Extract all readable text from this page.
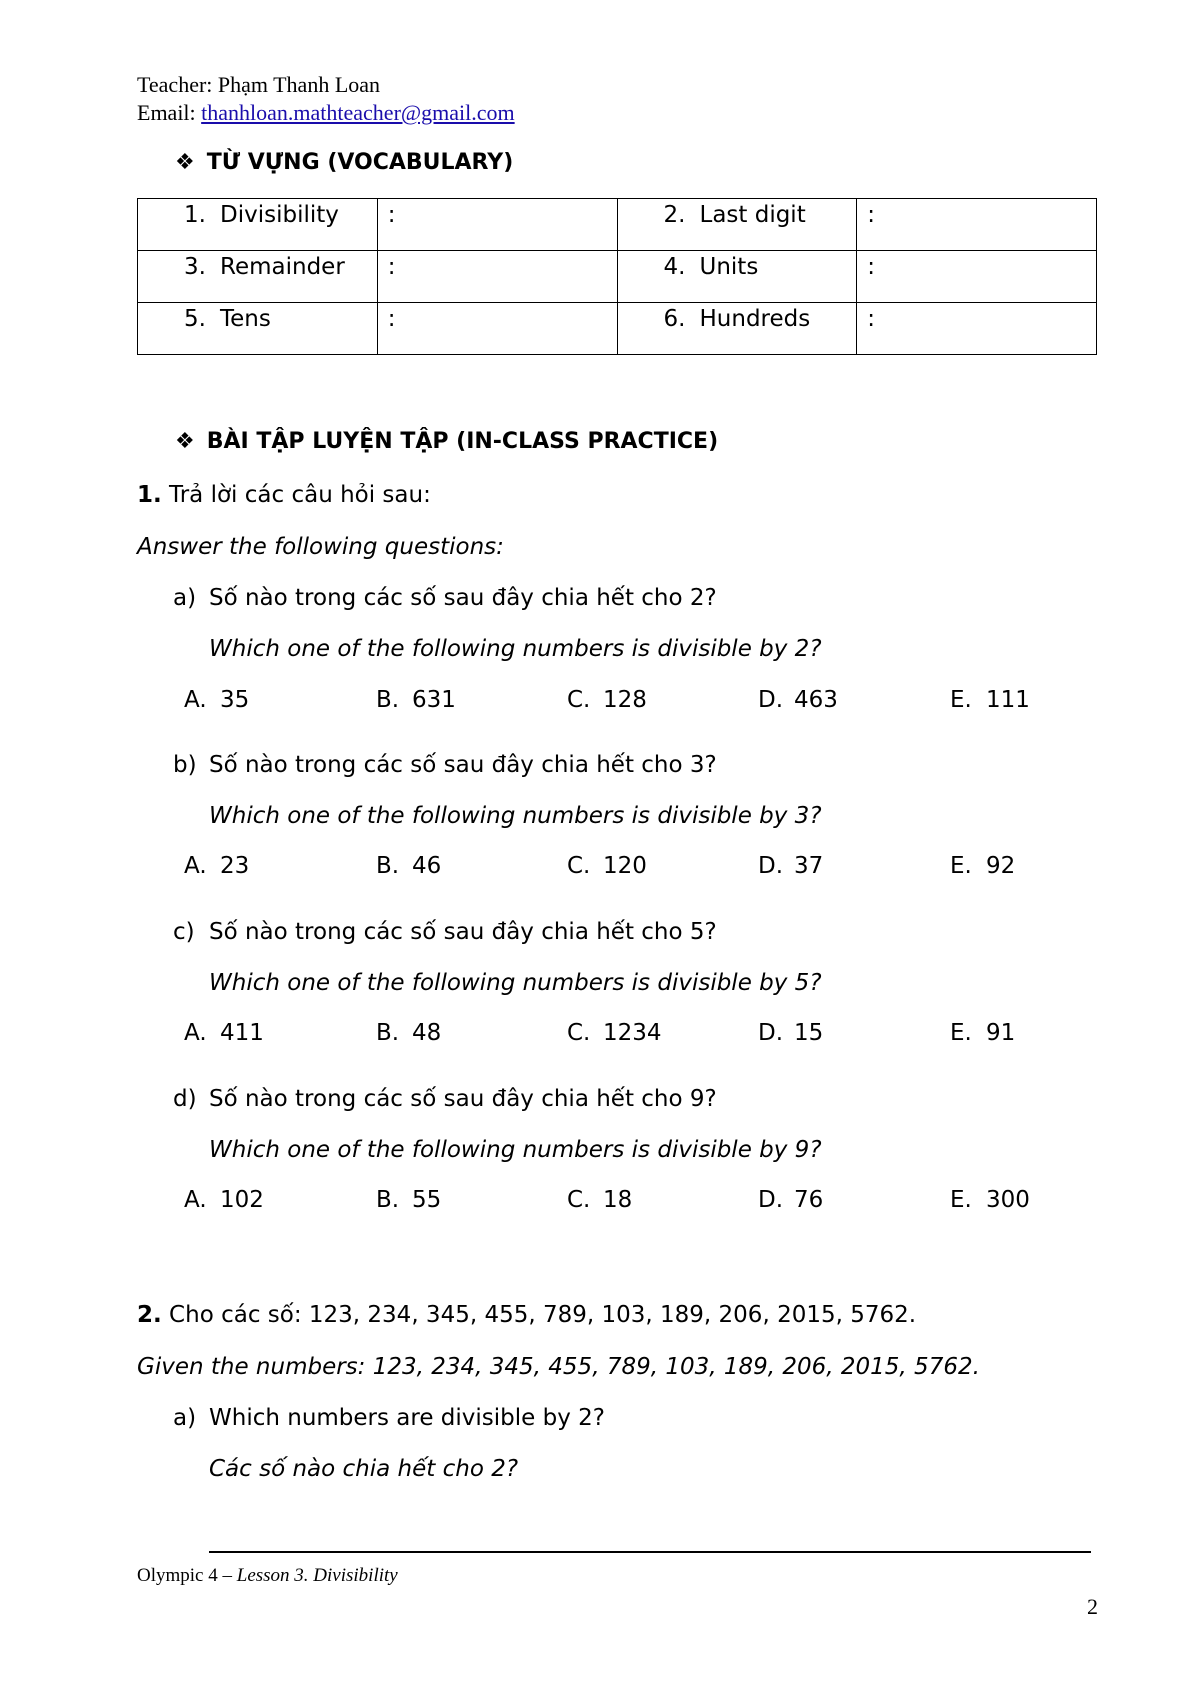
Teacher: Phạm Thanh Loan
Email: thanhloan.mathteacher@gmail.com
❖ TỪ VỰNG (VOCABULARY)
1. Divisibility	:	2. Last digit	:

3. Remainder	:	4. Units	:

5. Tens	:	6. Hundreds	:
❖ BÀI TẬP LUYỆN TẬP (IN-CLASS PRACTICE)
1. Trả lời các câu hỏi sau:
Answer the following questions:
a) Số nào trong các số sau đây chia hết cho 2?
Which one of the following numbers is divisible by 2?
A. 35	B. 631	C. 128	D. 463	E. 111
b) Số nào trong các số sau đây chia hết cho 3?
Which one of the following numbers is divisible by 3?
A. 23	B. 46	C. 120	D. 37	E. 92
c) Số nào trong các số sau đây chia hết cho 5?
Which one of the following numbers is divisible by 5?
A. 411	B. 48	C. 1234	D. 15	E. 91
d) Số nào trong các số sau đây chia hết cho 9?
Which one of the following numbers is divisible by 9?
A. 102	B. 55	C. 18	D. 76	E. 300
2. Cho các số: 123, 234, 345, 455, 789, 103, 189, 206, 2015, 5762.
Given the numbers: 123, 234, 345, 455, 789, 103, 189, 206, 2015, 5762.
a) Which numbers are divisible by 2?
Các số nào chia hết cho 2?
Olympic 4 – Lesson 3. Divisibility
2
